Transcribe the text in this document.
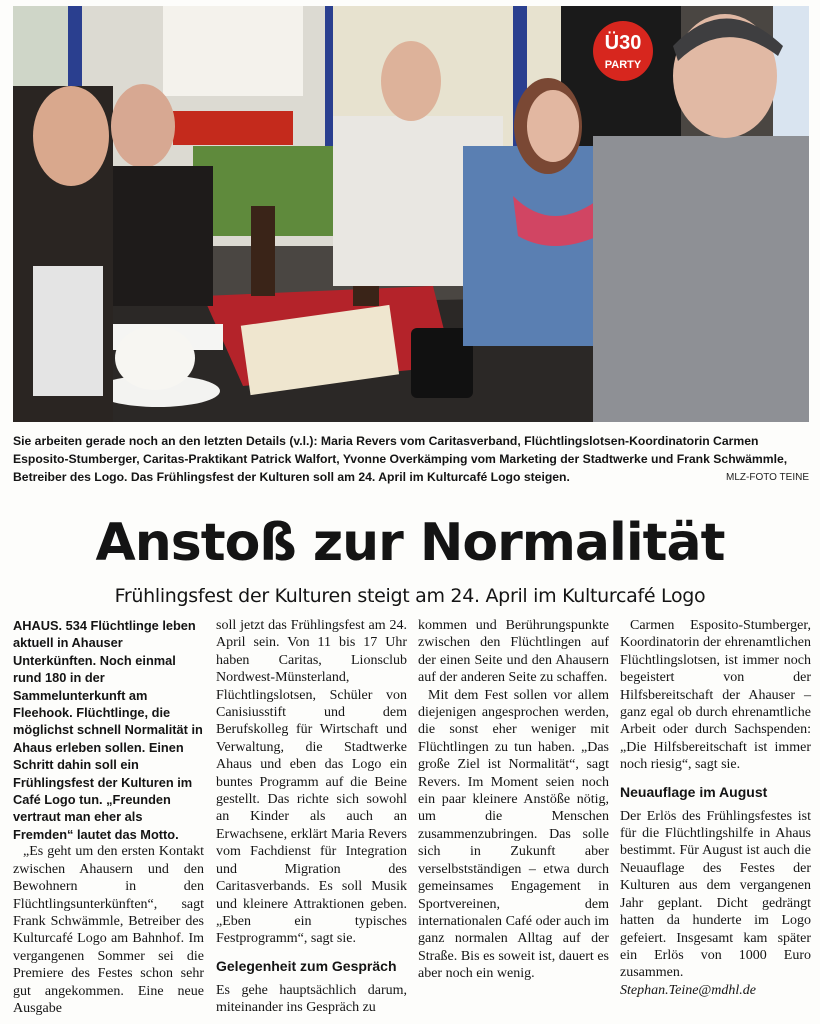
Ü30
PARTY
Sie arbeiten gerade noch an den letzten Details (v.l.): Maria Revers vom Caritasverband, Flüchtlingslotsen-Koordinatorin Carmen Esposito-Stumberger, Caritas-Praktikant Patrick Walfort, Yvonne Overkämping vom Marketing der Stadtwerke und Frank Schwämmle, Betreiber des Logo. Das Frühlingsfest der Kulturen soll am 24. April im Kulturcafé Logo steigen.	MLZ-FOTO TEINE
Anstoß zur Normalität
Frühlingsfest der Kulturen steigt am 24. April im Kulturcafé Logo

AHAUS. 534 Flüchtlinge leben aktuell in Ahauser Unterkünften. Noch einmal rund 180 in der Sammelunterkunft am Fleehook. Flüchtlinge, die möglichst schnell Normalität in Ahaus erleben sollen. Einen Schritt dahin soll ein Frühlingsfest der Kulturen im Café Logo tun. „Freunden vertraut man eher als Fremden“ lautet das Motto.

„Es geht um den ersten Kontakt zwischen Ahausern und den Bewohnern in den Flüchtlingsunterkünften“, sagt Frank Schwämmle, Betreiber des Kulturcafé Logo am Bahnhof. Im vergangenen Sommer sei die Premiere des Festes schon sehr gut angekommen. Eine neue Ausgabe

soll jetzt das Frühlingsfest am 24. April sein. Von 11 bis 17 Uhr haben Caritas, Lionsclub Nordwest-Münsterland, Flüchtlingslotsen, Schüler von Canisiusstift und dem Berufskolleg für Wirtschaft und Verwaltung, die Stadtwerke Ahaus und eben das Logo ein buntes Programm auf die Beine gestellt. Das richte sich sowohl an Kinder als auch an Erwachsene, erklärt Maria Revers vom Fachdienst für Integration und Migration des Caritasverbands. Es soll Musik und kleinere Attraktionen geben. „Eben ein typisches Festprogramm“, sagt sie.

Gelegenheit zum Gespräch

Es gehe hauptsächlich darum, miteinander ins Gespräch zu

kommen und Berührungspunkte zwischen den Flüchtlingen auf der einen Seite und den Ahausern auf der anderen Seite zu schaffen.

Mit dem Fest sollen vor allem diejenigen angesprochen werden, die sonst eher weniger mit Flüchtlingen zu tun haben. „Das große Ziel ist Normalität“, sagt Revers. Im Moment seien noch ein paar kleinere Anstöße nötig, um die Menschen zusammenzubringen. Das solle sich in Zukunft aber verselbstständigen – etwa durch gemeinsames Engagement in Sportvereinen, dem internationalen Café oder auch im ganz normalen Alltag auf der Straße. Bis es soweit ist, dauert es aber noch ein wenig.

Carmen Esposito-Stumberger, Koordinatorin der ehrenamtlichen Flüchtlingslotsen, ist immer noch begeistert von der Hilfsbereitschaft der Ahauser – ganz egal ob durch ehrenamtliche Arbeit oder durch Sachspenden: „Die Hilfsbereitschaft ist immer noch riesig“, sagt sie.

Neuauflage im August

Der Erlös des Frühlingsfestes ist für die Flüchtlingshilfe in Ahaus bestimmt. Für August ist auch die Neuauflage des Festes der Kulturen aus dem vergangenen Jahr geplant. Dicht gedrängt hatten da hunderte im Logo gefeiert. Insgesamt kam später ein Erlös von 1000 Euro zusammen. Stephan.Teine@mdhl.de
